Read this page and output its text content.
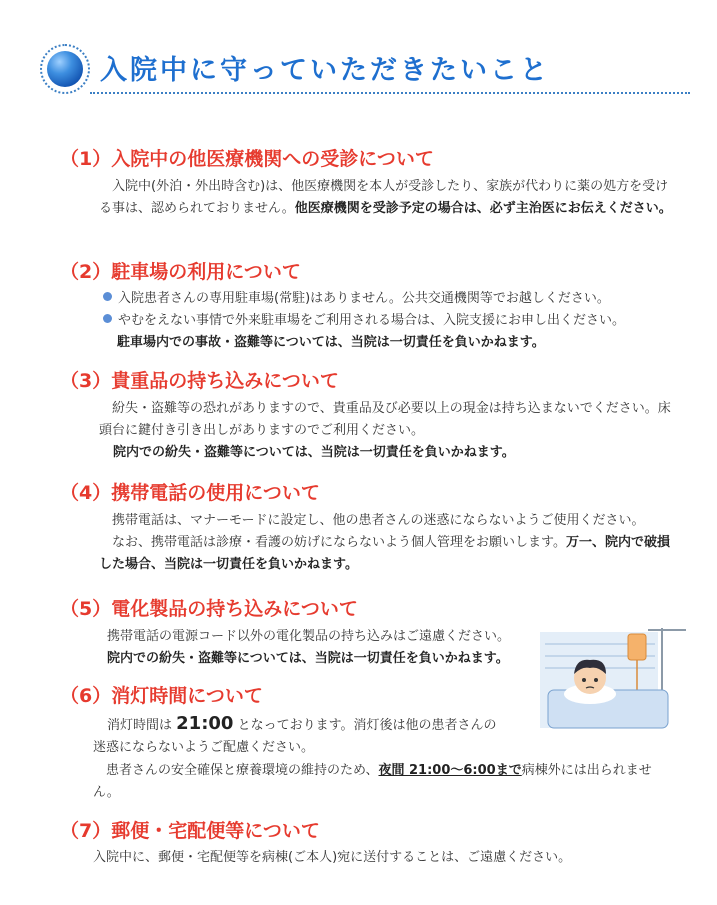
入院中に守っていただきたいこと
（1）入院中の他医療機関への受診について
入院中(外泊・外出時含む)は、他医療機関を本人が受診したり、家族が代わりに薬の処方を受ける事は、認められておりません。他医療機関を受診予定の場合は、必ず主治医にお伝えください。
（2）駐車場の利用について
入院患者さんの専用駐車場(常駐)はありません。公共交通機関等でお越しください。
やむをえない事情で外来駐車場をご利用される場合は、入院支援にお申し出ください。
駐車場内での事故・盗難等については、当院は一切責任を負いかねます。
（3）貴重品の持ち込みについて
紛失・盗難等の恐れがありますので、貴重品及び必要以上の現金は持ち込まないでください。床頭台に鍵付き引き出しがありますのでご利用ください。
院内での紛失・盗難等については、当院は一切責任を負いかねます。
（4）携帯電話の使用について
携帯電話は、マナーモードに設定し、他の患者さんの迷惑にならないようご使用ください。
なお、携帯電話は診療・看護の妨げにならないよう個人管理をお願いします。万一、院内で破損した場合、当院は一切責任を負いかねます。
（5）電化製品の持ち込みについて
携帯電話の電源コード以外の電化製品の持ち込みはご遠慮ください。
院内での紛失・盗難等については、当院は一切責任を負いかねます。
（6）消灯時間について
消灯時間は 21:00 となっております。消灯後は他の患者さんの
迷惑にならないようご配慮ください。
患者さんの安全確保と療養環境の維持のため、夜間 21:00〜6:00まで病棟外には出られません。
（7）郵便・宅配便等について
入院中に、郵便・宅配便等を病棟(ご本人)宛に送付することは、ご遠慮ください。
